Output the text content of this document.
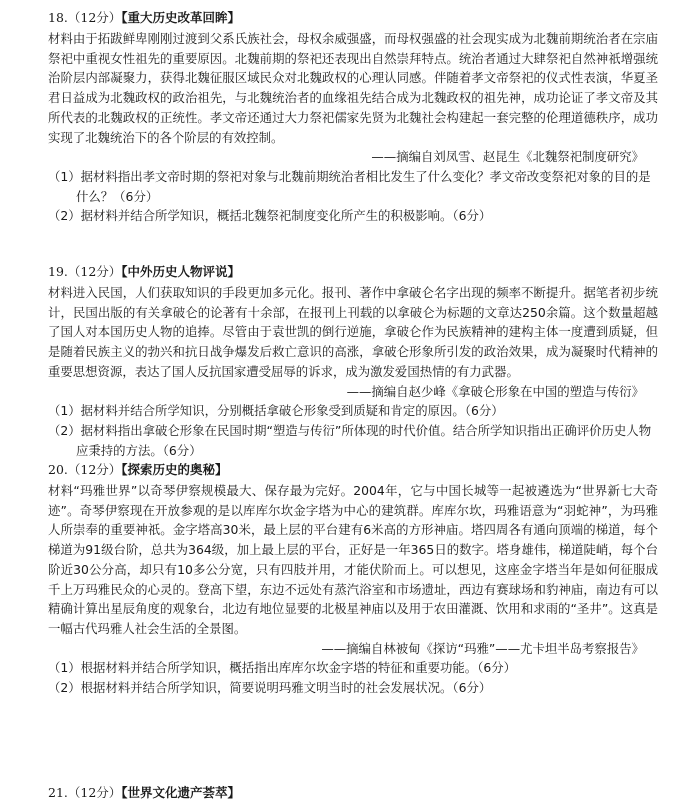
18.（12分）【重大历史改革回眸】

材料由于拓跋鲜卑刚刚过渡到父系氏族社会，母权余威强盛，而母权强盛的社会现实成为北魏前期统治者在宗庙祭祀中重视女性祖先的重要原因。北魏前期的祭祀还表现出自然崇拜特点。统治者通过大肆祭祀自然神祇增强统治阶层内部凝聚力，获得北魏征服区域民众对北魏政权的心理认同感。伴随着孝文帝祭祀的仪式性表演，华夏圣君日益成为北魏政权的政治祖先，与北魏统治者的血缘祖先结合成为北魏政权的祖先神，成功论证了孝文帝及其所代表的北魏政权的正统性。孝文帝还通过大力祭祀儒家先贤为北魏社会构建起一套完整的伦理道德秩序，成功实现了北魏统治下的各个阶层的有效控制。

——摘编自刘凤雪、赵昆生《北魏祭祀制度研究》

（1）据材料指出孝文帝时期的祭祀对象与北魏前期统治者相比发生了什么变化？孝文帝改变祭祀对象的目的是什么？（6分）

（2）据材料并结合所学知识，概括北魏祭祀制度变化所产生的积极影响。（6分）

19.（12分）【中外历史人物评说】

材料进入民国，人们获取知识的手段更加多元化。报刊、著作中拿破仑名字出现的频率不断提升。据笔者初步统计，民国出版的有关拿破仑的论著有十余部，在报刊上刊载的以拿破仑为标题的文章达250余篇。这个数量超越了国人对本国历史人物的追捧。尽管由于袁世凯的倒行逆施，拿破仑作为民族精神的建构主体一度遭到质疑，但是随着民族主义的勃兴和抗日战争爆发后救亡意识的高涨，拿破仑形象所引发的政治效果，成为凝聚时代精神的重要思想资源，表达了国人反抗国家遭受屈辱的诉求，成为激发爱国热情的有力武器。

——摘编自赵少峰《拿破仑形象在中国的塑造与传衍》

（1）据材料并结合所学知识，分别概括拿破仑形象受到质疑和肯定的原因。（6分）

（2）据材料指出拿破仑形象在民国时期“塑造与传衍”所体现的时代价值。结合所学知识指出正确评价历史人物应秉持的方法。（6分）

20.（12分）【探索历史的奥秘】

材料“玛雅世界”以奇琴伊察规模最大、保存最为完好。2004年，它与中国长城等一起被遴选为“世界新七大奇迹”。奇琴伊察现在开放参观的是以库库尔坎金字塔为中心的建筑群。库库尔坎，玛雅语意为“羽蛇神”，为玛雅人所崇奉的重要神祇。金字塔高30米，最上层的平台建有6米高的方形神庙。塔四周各有通向顶端的梯道，每个梯道为91级台阶，总共为364级，加上最上层的平台，正好是一年365日的数字。塔身雄伟，梯道陡峭，每个台阶近30公分高，却只有10多公分宽，只有四肢并用，才能伏阶而上。可以想见，这座金字塔当年是如何征服成千上万玛雅民众的心灵的。登高下望，东边不远处有蒸汽浴室和市场遗址，西边有赛球场和豹神庙，南边有可以精确计算出星辰角度的观象台，北边有地位显要的北极星神庙以及用于农田灌溉、饮用和求雨的“圣井”。这真是一幅古代玛雅人社会生活的全景图。

——摘编自林被甸《探访“玛雅”——尤卡坦半岛考察报告》

（1）根据材料并结合所学知识，概括指出库库尔坎金字塔的特征和重要功能。（6分）

（2）根据材料并结合所学知识，简要说明玛雅文明当时的社会发展状况。（6分）

21.（12分）【世界文化遗产荟萃】
